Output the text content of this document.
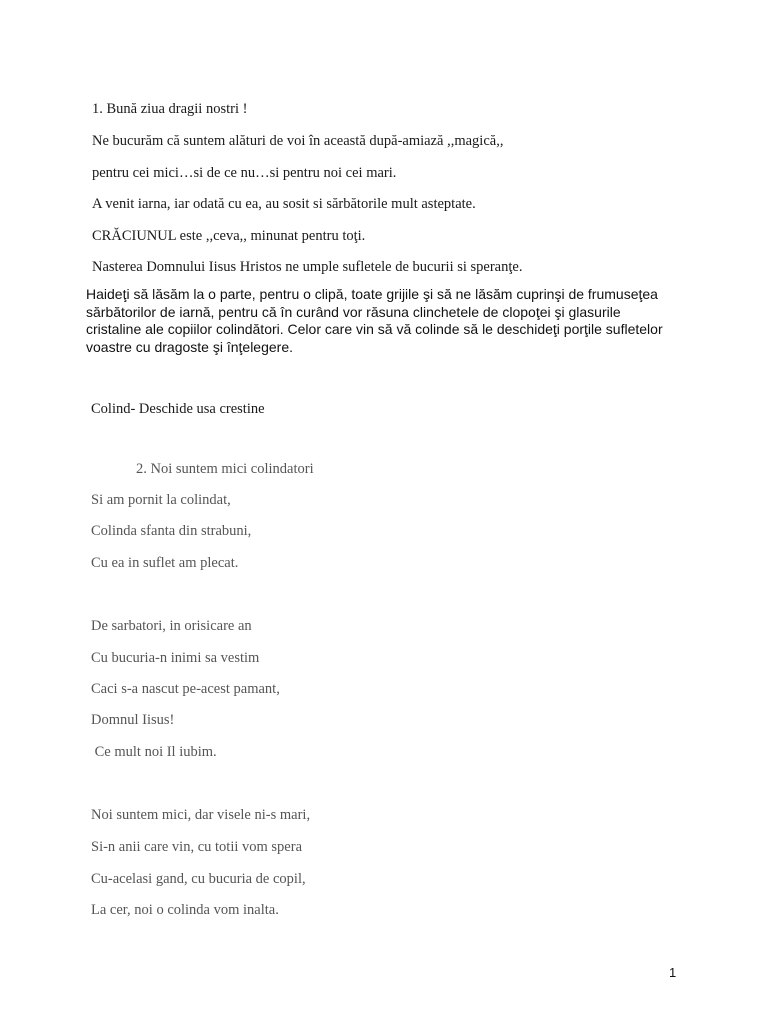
1. Bună ziua dragii nostri !
Ne bucurăm că suntem alături de voi în această după-amiază ,,magică,,
pentru cei mici…si de ce nu…si pentru noi cei mari.
A venit iarna, iar odată cu ea, au sosit si sărbătorile mult asteptate.
CRĂCIUNUL este ,,ceva,, minunat pentru toţi.
Nasterea Domnului Iisus Hristos ne umple sufletele de bucurii si speranţe.
Haideţi să lăsăm la o parte, pentru o clipă, toate grijile şi să ne lăsăm cuprinşi de frumuseţea
sărbătorilor de iarnă, pentru că în curând vor răsuna clinchetele de clopoţei şi glasurile
cristaline ale copiilor colindători. Celor care vin să vă colinde să le deschideţi porţile sufletelor
voastre cu dragoste şi înţelegere.
Colind- Deschide usa crestine
2. Noi suntem mici colindatori
Si am pornit la colindat,
Colinda sfanta din strabuni,
Cu ea in suflet am plecat.
De sarbatori, in orisicare an
Cu bucuria-n inimi sa vestim
Caci s-a nascut pe-acest pamant,
Domnul Iisus!
Ce mult noi Il iubim.
Noi suntem mici, dar visele ni-s mari,
Si-n anii care vin, cu totii vom spera
Cu-acelasi gand, cu bucuria de copil,
La cer, noi o colinda vom inalta.
1
